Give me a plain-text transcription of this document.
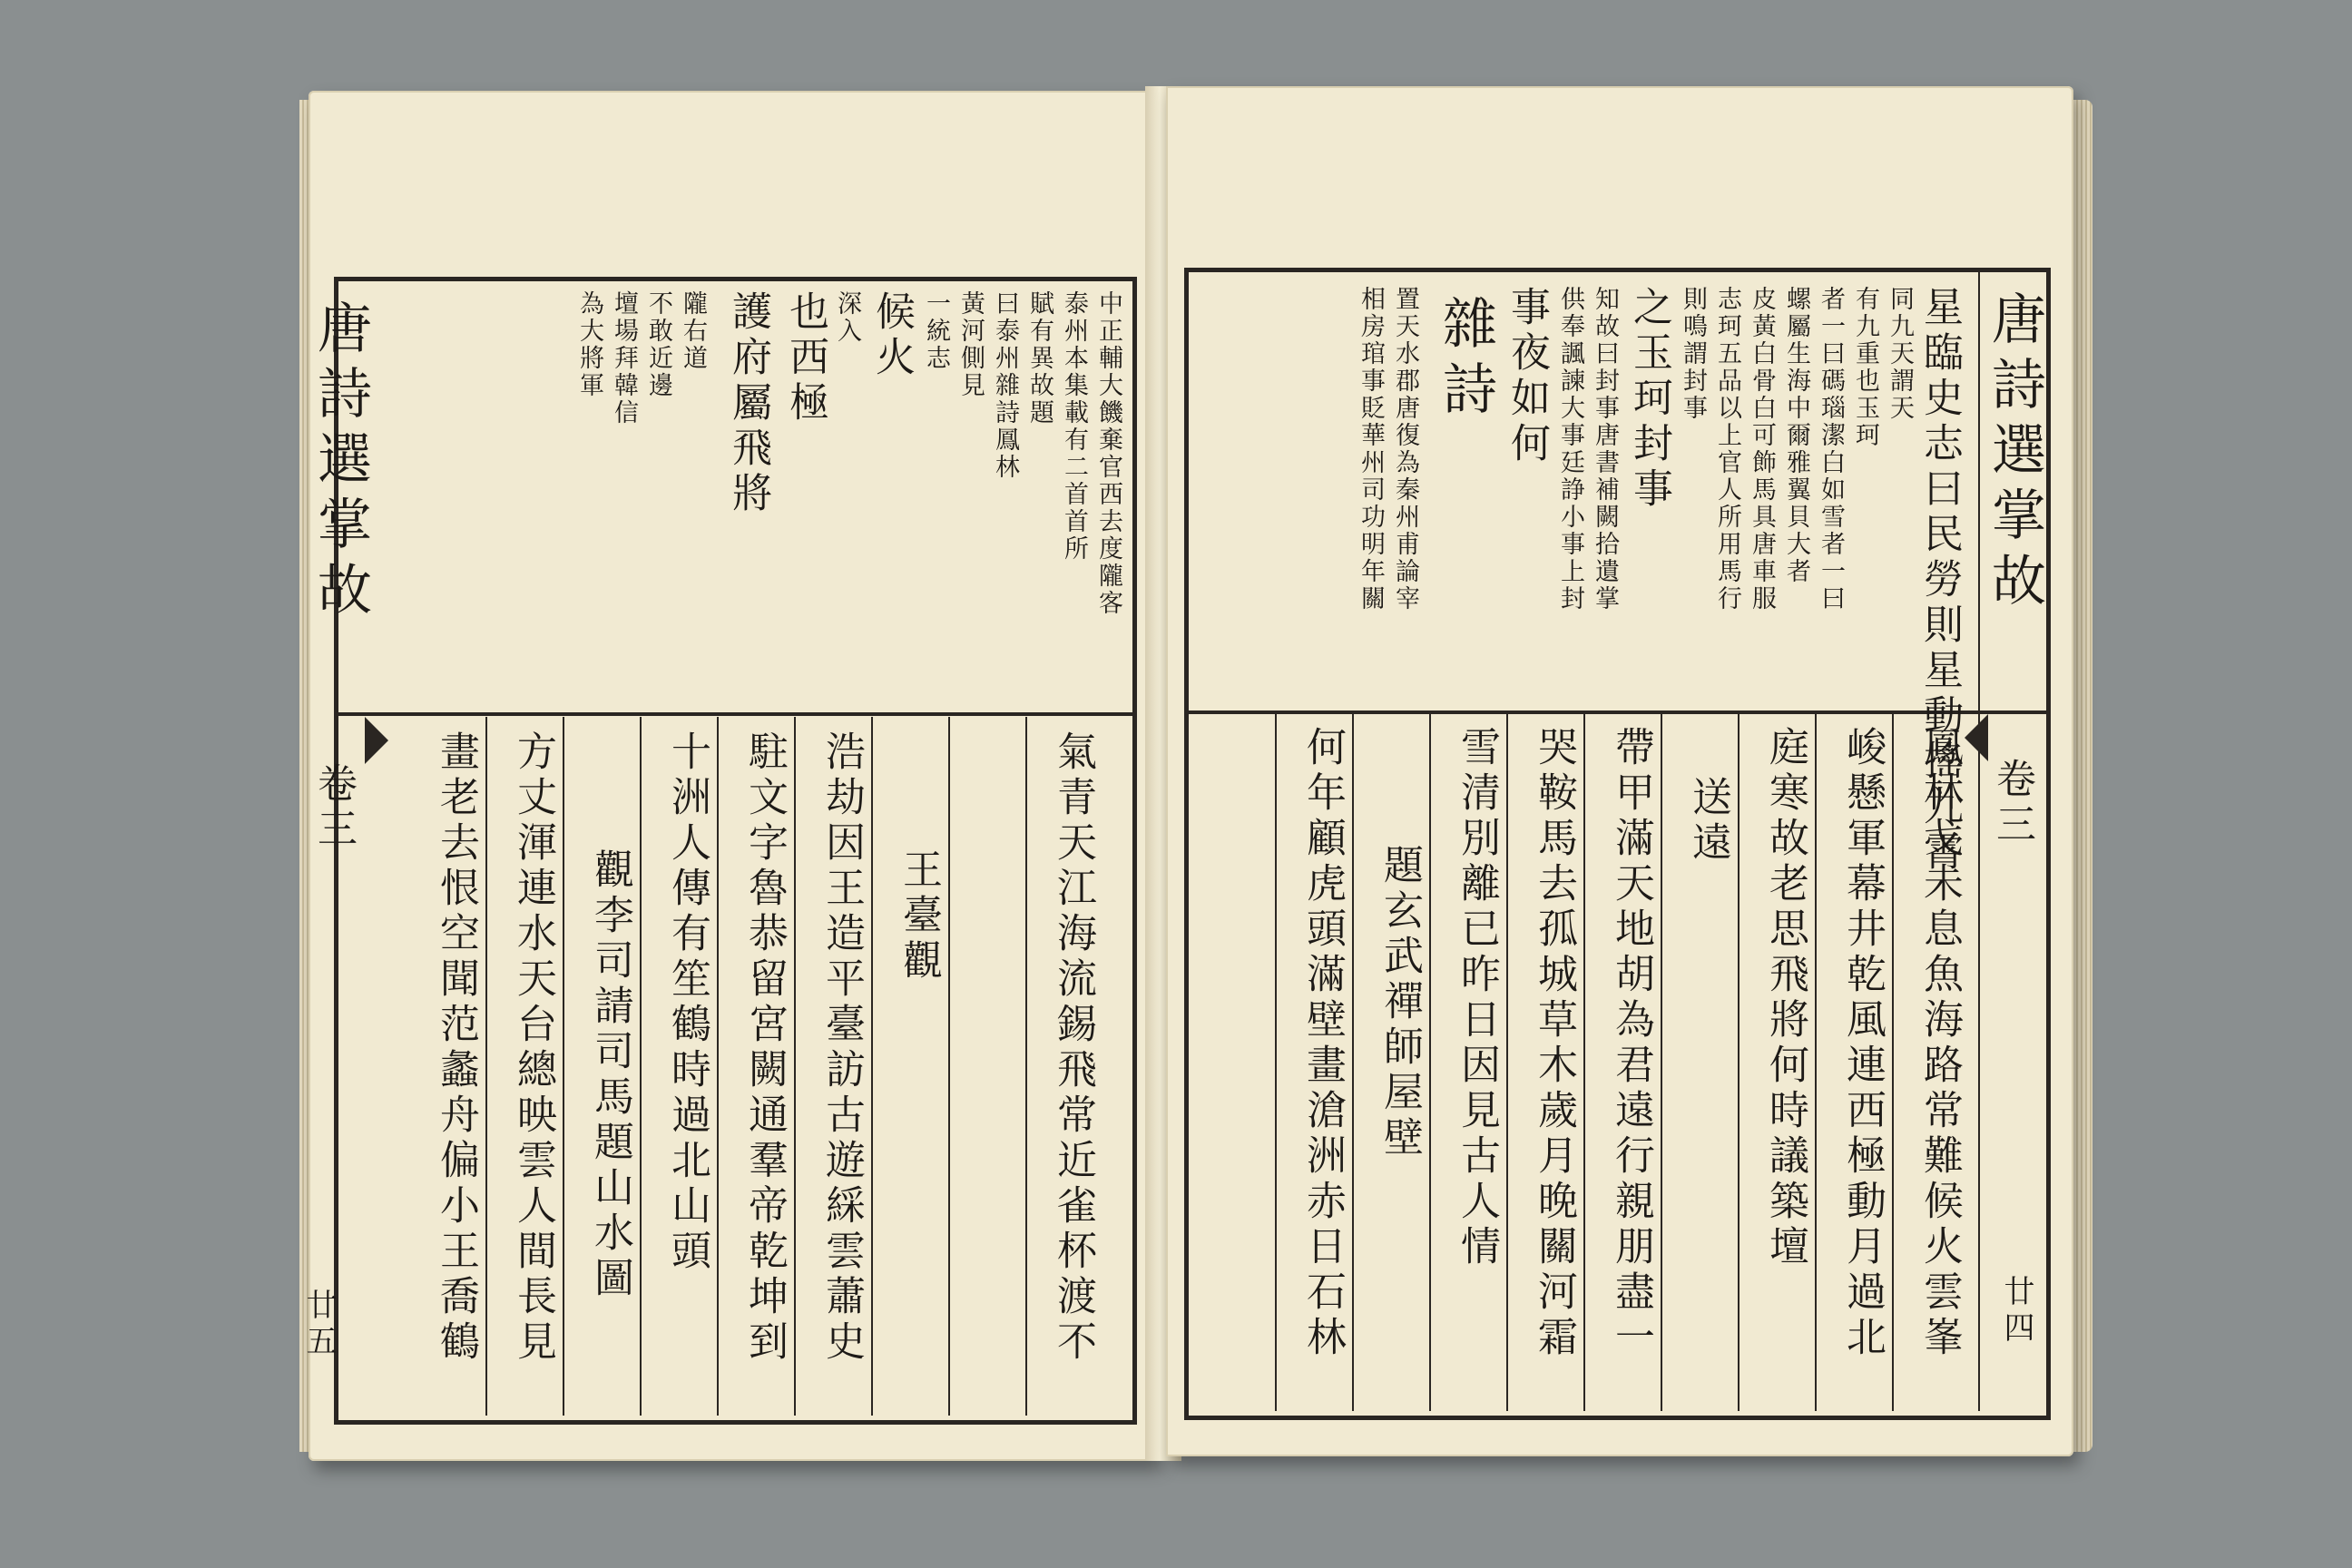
唐詩選掌故
卷三
廿五
中正輔大饑棄官西去度隴客
泰州本集載有二首首所
賦有異故題
曰泰州雜詩鳳林
黃河側見
一統志
候火
深入
也西極
護府屬飛將
隴右道
不敢近邊
壇場拜韓信
為大將軍
氣青天江海流錫飛常近雀杯渡不
王臺觀
浩劫因王造平臺訪古遊綵雲蕭史
駐文字魯恭留宮闕通羣帝乾坤到
十洲人傳有笙鶴時過北山頭
觀李司請司馬題山水圖
方丈渾連水天台總映雲人間長見
畫老去恨空聞范蠡舟偏小王喬鶴
唐詩選掌故
卷三
廿四
星臨史志曰民勞則星動搖九霄
同九天謂天
有九重也玉珂
者一曰碼瑙潔白如雪者一曰
螺屬生海中爾雅翼貝大者
皮黃白骨白可飾馬具唐車服
志珂五品以上官人所用馬行
則鳴謂封事
之玉珂封事
知故曰封事唐書補闕拾遺掌
供奉諷諫大事廷諍小事上封
事夜如何
雜詩
置天水郡唐復為秦州甫論宰
相房琯事貶華州司功明年關
鳳林戈未息魚海路常難候火雲峯
峻懸軍幕井乾風連西極動月過北
庭寒故老思飛將何時議築壇
送遠
帶甲滿天地胡為君遠行親朋盡一
哭鞍馬去孤城草木歲月晚關河霜
雪清別離已昨日因見古人情
題玄武禪師屋壁
何年顧虎頭滿壁畫滄洲赤日石林
